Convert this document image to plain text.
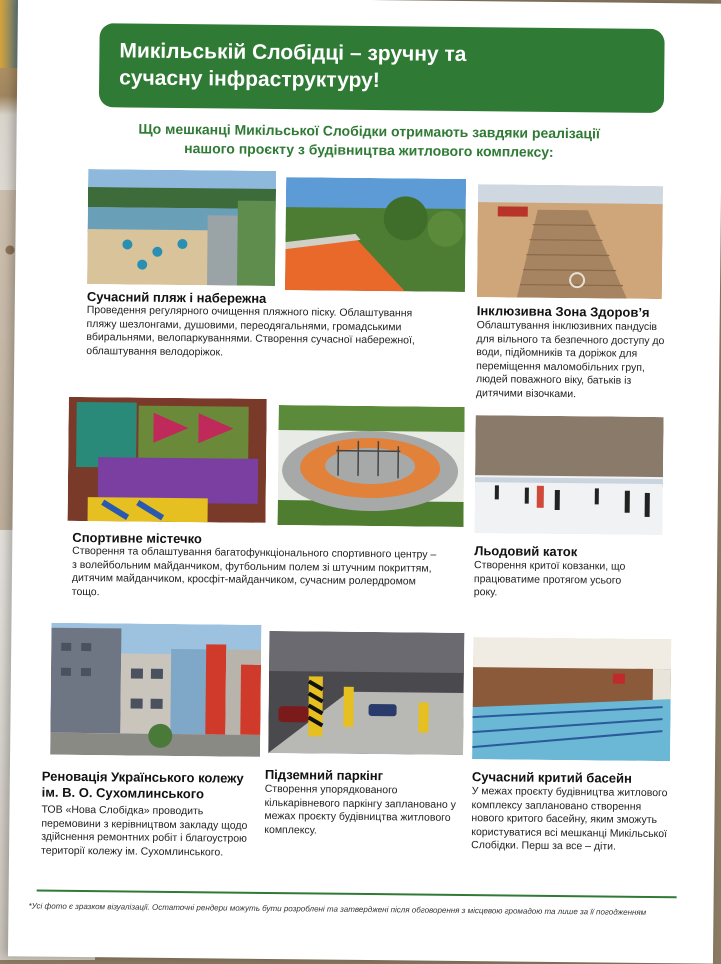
Микільській Слобідці – зручну та
сучасну інфраструктуру!
Що мешканці Микільської Слобідки отримають завдяки реалізації
нашого проєкту з будівництва житлового комплексу:
Сучасний пляж і набережна
Проведення регулярного очищення пляжного піску. Облаштування пляжу шезлонгами, душовими, переодягальнями, громадськими вбиральнями, велопаркуваннями. Створення сучасної набережної, облаштування велодоріжок.
Інклюзивна Зона Здоров’я
Облаштування інклюзивних пандусів для вільного та безпечного доступу до води, підйомників та доріжок для переміщення маломобільних груп, людей поважного віку, батьків із дитячими візочками.
Спортивне містечко
Створення та облаштування багатофункціонального спортивного центру – з волейбольним майданчиком, футбольним полем зі штучним покриттям, дитячим майданчиком, кросфіт-майданчиком, сучасним ролердромом тощо.
Льодовий каток
Створення критої ковзанки, що працюватиме протягом усього року.
Реновація Українського колежу
ім. В. О. Сухомлинського
ТОВ «Нова Слобідка» проводить перемовини з керівництвом закладу щодо здійснення ремонтних робіт і благоустрою території колежу ім. Сухомлинського.
Підземний паркінг
Створення упорядкованого кількарівневого паркінгу заплановано у межах проєкту будівництва житлового комплексу.
Сучасний критий басейн
У межах проєкту будівництва житлового комплексу заплановано створення нового критого басейну, яким зможуть користуватися всі мешканці Микільської Слобідки. Перш за все – діти.
*Усі фото є зразком візуалізації. Остаточні рендери можуть бути розроблені та затверджені після обговорення з місцевою громадою та лише за її погодженням
